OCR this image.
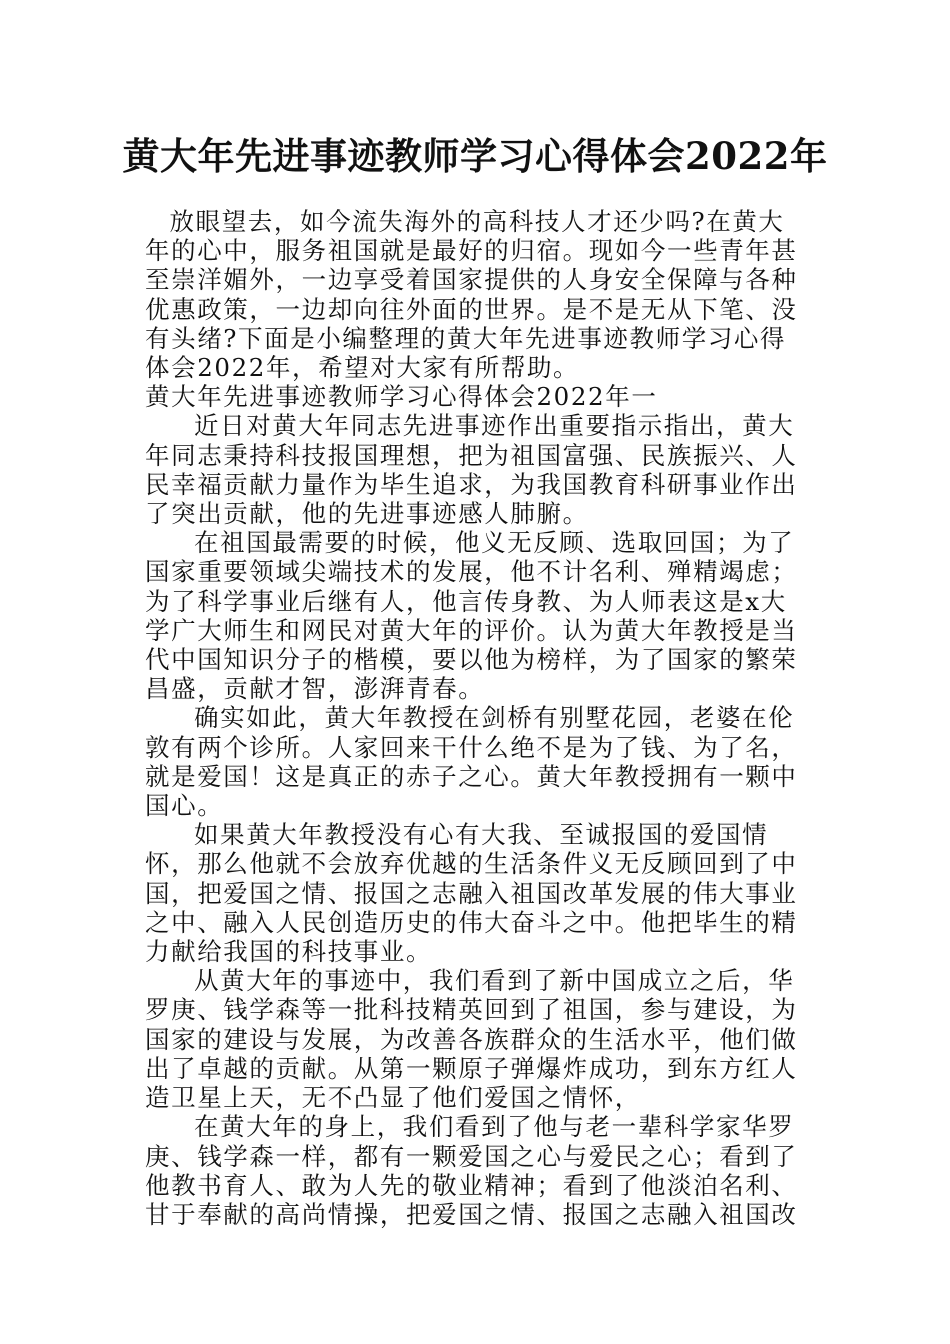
黄大年先进事迹教师学习心得体会2022年

放眼望去，如今流失海外的高科技人才还少吗?在黄大年的心中，服务祖国就是最好的归宿。现如今一些青年甚至崇洋媚外，一边享受着国家提供的人身安全保障与各种优惠政策，一边却向往外面的世界。是不是无从下笔、没有头绪?下面是小编整理的黄大年先进事迹教师学习心得体会2022年，希望对大家有所帮助。

黄大年先进事迹教师学习心得体会2022年一

近日对黄大年同志先进事迹作出重要指示指出，黄大年同志秉持科技报国理想，把为祖国富强、民族振兴、人民幸福贡献力量作为毕生追求，为我国教育科研事业作出了突出贡献，他的先进事迹感人肺腑。

在祖国最需要的时候，他义无反顾、选取回国；为了国家重要领域尖端技术的发展，他不计名利、殚精竭虑；为了科学事业后继有人，他言传身教、为人师表这是x大学广大师生和网民对黄大年的评价。认为黄大年教授是当代中国知识分子的楷模，要以他为榜样，为了国家的繁荣昌盛，贡献才智，澎湃青春。

确实如此，黄大年教授在剑桥有别墅花园，老婆在伦敦有两个诊所。人家回来干什么绝不是为了钱、为了名，就是爱国！这是真正的赤子之心。黄大年教授拥有一颗中国心。

如果黄大年教授没有心有大我、至诚报国的爱国情怀，那么他就不会放弃优越的生活条件义无反顾回到了中国，把爱国之情、报国之志融入祖国改革发展的伟大事业之中、融入人民创造历史的伟大奋斗之中。他把毕生的精力献给我国的科技事业。

从黄大年的事迹中，我们看到了新中国成立之后，华罗庚、钱学森等一批科技精英回到了祖国，参与建设，为国家的建设与发展，为改善各族群众的生活水平，他们做出了卓越的贡献。从第一颗原子弹爆炸成功，到东方红人造卫星上天，无不凸显了他们爱国之情怀，

在黄大年的身上，我们看到了他与老一辈科学家华罗庚、钱学森一样，都有一颗爱国之心与爱民之心；看到了他教书育人、敢为人先的敬业精神；看到了他淡泊名利、甘于奉献的高尚情操，把爱国之情、报国之志融入祖国改
